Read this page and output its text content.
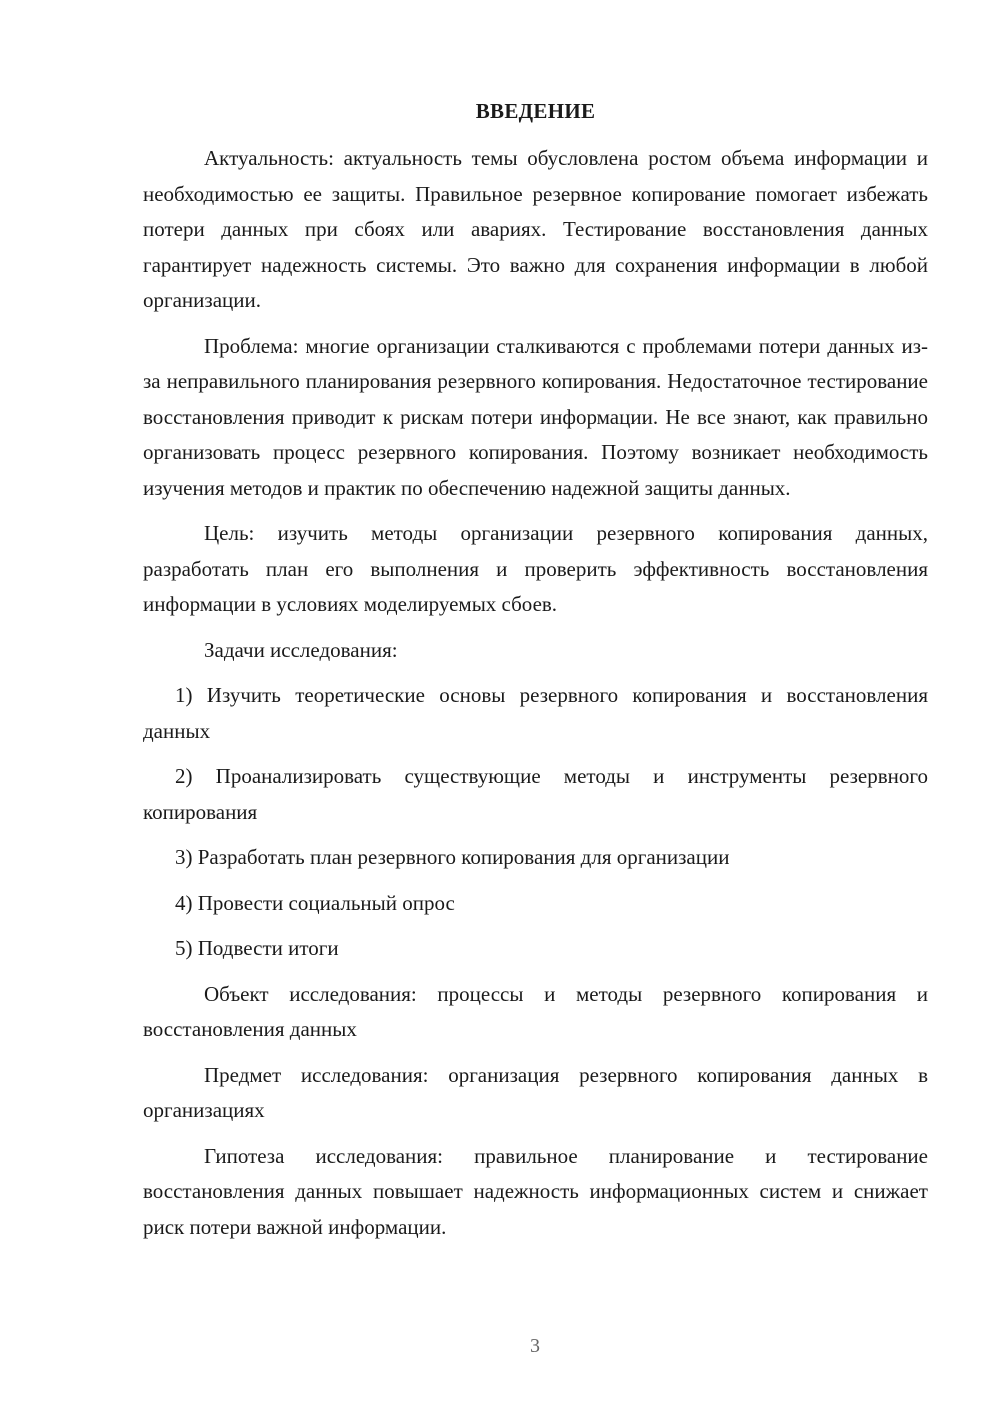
ВВЕДЕНИЕ

Актуальность: актуальность темы обусловлена ростом объема информации и необходимостью ее защиты. Правильное резервное копирование помогает избежать потери данных при сбоях или авариях. Тестирование восстановления данных гарантирует надежность системы. Это важно для сохранения информации в любой организации.

Проблема: многие организации сталкиваются с проблемами потери данных из-за неправильного планирования резервного копирования. Недостаточное тестирование восстановления приводит к рискам потери информации. Не все знают, как правильно организовать процесс резервного копирования. Поэтому возникает необходимость изучения методов и практик по обеспечению надежной защиты данных.

Цель: изучить методы организации резервного копирования данных, разработать план его выполнения и проверить эффективность восстановления информации в условиях моделируемых сбоев.

Задачи исследования:

1) Изучить теоретические основы резервного копирования и восстановления данных

2) Проанализировать существующие методы и инструменты резервного копирования

3) Разработать план резервного копирования для организации

4) Провести социальный опрос

5) Подвести итоги

Объект исследования: процессы и методы резервного копирования и восстановления данных

Предмет исследования: организация резервного копирования данных в организациях

Гипотеза исследования: правильное планирование и тестирование восстановления данных повышает надежность информационных систем и снижает риск потери важной информации.

3
